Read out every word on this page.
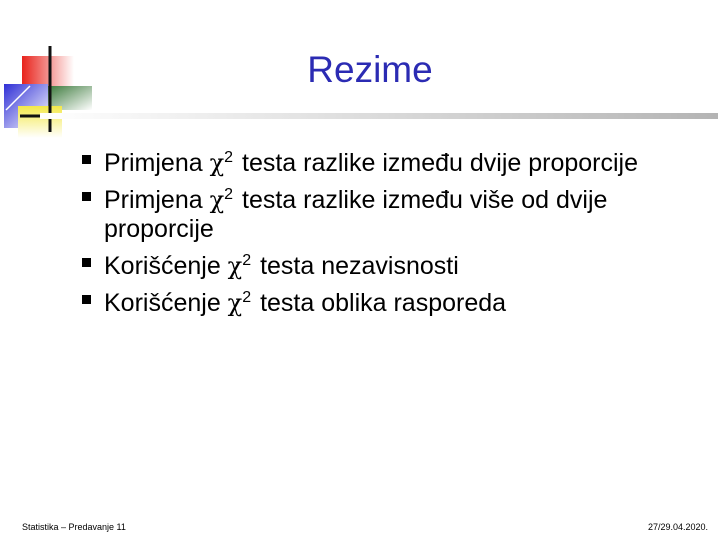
Rezime
Primjena $\chi^2$ testa razlike između dvije proporcije
Primjena $\chi^2$ testa razlike između više od dvije proporcije
Korišćenje $\chi^2$ testa nezavisnosti
Korišćenje $\chi^2$ testa oblika rasporeda
Statistika – Predavanje 11	27/29.04.2020.
